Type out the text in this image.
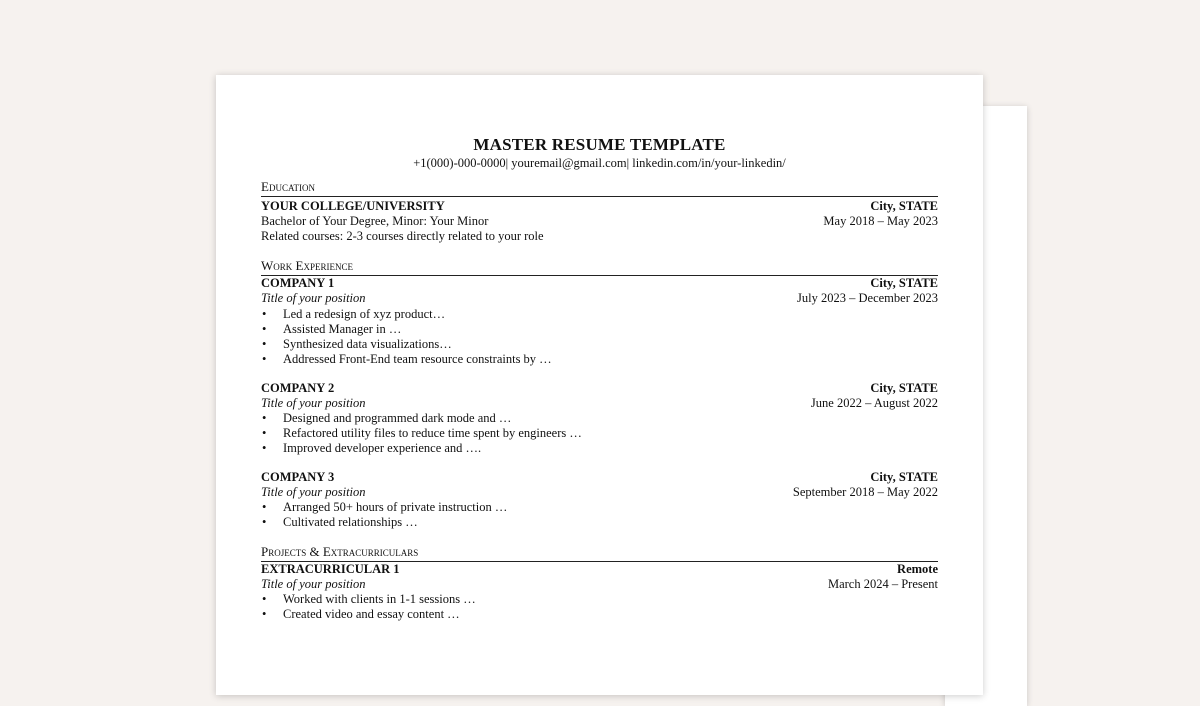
MASTER RESUME TEMPLATE
+1(000)-000-0000| youremail@gmail.com| linkedin.com/in/your-linkedin/
Education
YOUR COLLEGE/UNIVERSITY	City, STATE
Bachelor of Your Degree, Minor: Your Minor	May 2018 – May 2023
Related courses: 2-3 courses directly related to your role
Work Experience
COMPANY 1	City, STATE
Title of your position	July 2023 – December 2023
• Led a redesign of xyz product…
• Assisted Manager in …
• Synthesized data visualizations…
• Addressed Front-End team resource constraints by …
COMPANY 2	City, STATE
Title of your position	June 2022 – August 2022
• Designed and programmed dark mode and …
• Refactored utility files to reduce time spent by engineers …
• Improved developer experience and ….
COMPANY 3	City, STATE
Title of your position	September 2018 – May 2022
• Arranged 50+ hours of private instruction …
• Cultivated relationships …
Projects & Extracurriculars
EXTRACURRICULAR 1	Remote
Title of your position	March 2024 – Present
• Worked with clients in 1-1 sessions …
• Created video and essay content …
